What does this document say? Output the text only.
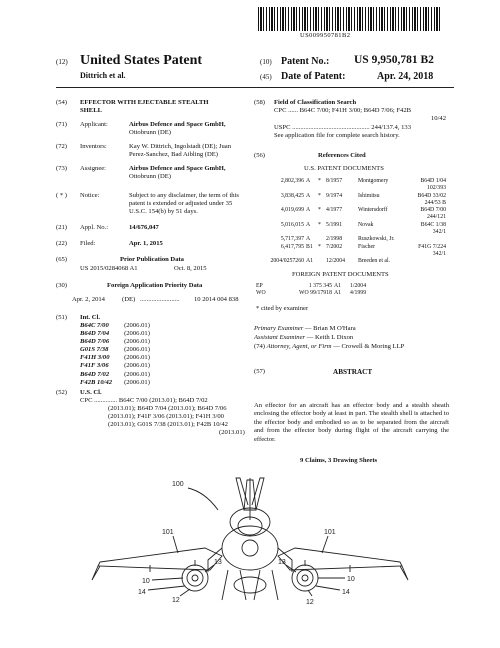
US009950781B2
(12) United States Patent
Dittrich et al.
(10) Patent No.: US 9,950,781 B2
(45) Date of Patent:	Apr. 24, 2018
(54) EFFECTOR WITH EJECTABLE STEALTH
SHELL
(71) Applicant:	Airbus Defence and Space GmbH,
Ottobrunn (DE)
(72) Inventors:	Kay W. Dittrich, Ingolstadt (DE); Juan
Perez-Sanchez, Bad Aibling (DE)
(73) Assignee:	Airbus Defence and Space GmbH,
Ottobrunn (DE)
( * ) Notice:	Subject to any disclaimer, the term of this
patent is extended or adjusted under 35
U.S.C. 154(b) by 51 days.
(21) Appl. No.:	14/676,047
(22) Filed:	Apr. 1, 2015
(65)	Prior Publication Data
US 2015/0284068 A1	Oct. 8, 2015
(30)	Foreign Application Priority Data
Apr. 2, 2014	(DE) ........................ 10 2014 004 838
(51) Int. Cl.
B64C 7/00	(2006.01)
B64D 7/04	(2006.01)
B64D 7/06	(2006.01)
G01S 7/38	(2006.01)
F41H 3/00	(2006.01)
F41F 3/06	(2006.01)
B64D 7/02	(2006.01)
F42B 10/42	(2006.01)
(52) U.S. Cl.
CPC .............. B64C 7/00 (2013.01); B64D 7/02
(2013.01); B64D 7/04 (2013.01); B64D 7/06
(2013.01); F41F 3/06 (2013.01); F41H 3/00
(2013.01); G01S 7/38 (2013.01); F42B 10/42
(2013.01)
(58) Field of Classification Search
CPC ...... B64C 7/00; F41H 3/00; B64D 7/06; F42B
10/42
USPC ............................................... 244/137.4, 133
See application file for complete search history.
(56)	References Cited
U.S. PATENT DOCUMENTS
2,802,396	A	*	8/1957	Montgomery	B64D 1/04
					102/393
3,838,425	A	*	9/1974	Ishimitsu	B64D 33/02
					244/53 B
4,019,699	A	*	4/1977	Wintersdorff	B64D 7/00
					244/121
5,016,015	A	*	5/1991	Novak	B64C 1/38
					342/1
5,717,397	A		2/1998	Ruszkowski, Jr.	
6,417,795	B1	*	7/2002	Fischer	F41G 7/224
					342/1
2004/0257260	A1		12/2004	Breeden et al.	
FOREIGN PATENT DOCUMENTS
EP	1 375 345	A1	1/2004
WO	WO 99/17918	A1	4/1999
* cited by examiner
Primary Examiner — Brian M O'Hara
Assistant Examiner — Keith L Dixon
(74) Attorney, Agent, or Firm — Crowell & Moring LLP
(57)	ABSTRACT
An effector for an aircraft has an effector body and a stealth sheath enclosing the effector body at least in part. The stealth shell is attached to the effector body and embodied so as to be separated from the aircraft and from the effector body during flight of the aircraft carrying the effector.
9 Claims, 3 Drawing Sheets
100
101	101
10
13
14
12
10
13
14
12
